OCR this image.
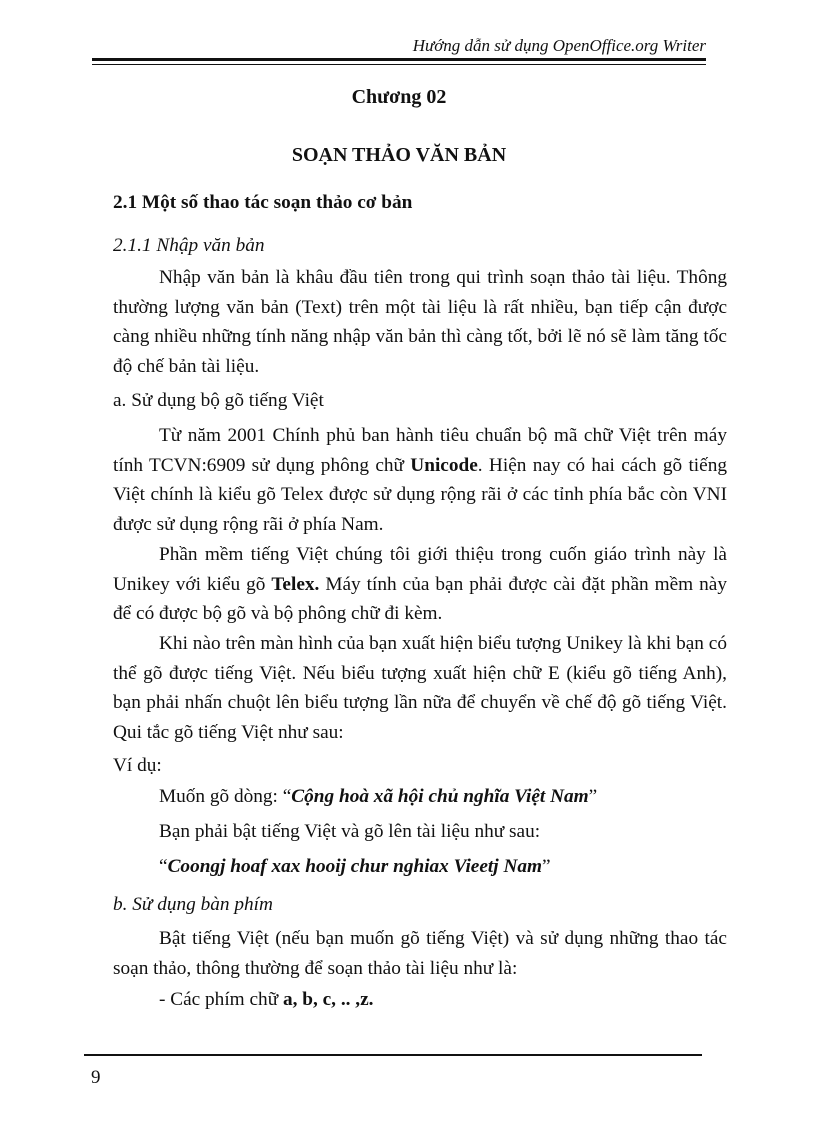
Hướng dẫn sử dụng OpenOffice.org Writer
Chương 02
SOẠN THẢO VĂN BẢN
2.1 Một số thao tác soạn thảo cơ bản
2.1.1 Nhập văn bản
Nhập văn bản là khâu đầu tiên trong qui trình soạn thảo tài liệu. Thông thường lượng văn bản (Text) trên một tài liệu là rất nhiều, bạn tiếp cận được càng nhiều những tính năng nhập văn bản thì càng tốt, bởi lẽ nó sẽ làm tăng tốc độ chế bản tài liệu.
a. Sử dụng bộ gõ tiếng Việt
Từ năm 2001 Chính phủ ban hành tiêu chuẩn bộ mã chữ Việt trên máy tính TCVN:6909 sử dụng phông chữ Unicode. Hiện nay có hai cách gõ tiếng Việt chính là kiểu gõ Telex được sử dụng rộng rãi ở các tỉnh phía bắc còn VNI được sử dụng rộng rãi ở phía Nam.
Phần mềm tiếng Việt chúng tôi giới thiệu trong cuốn giáo trình này là Unikey với kiểu gõ Telex. Máy tính của bạn phải được cài đặt phần mềm này để có được bộ gõ và bộ phông chữ đi kèm.
Khi nào trên màn hình của bạn xuất hiện biểu tượng Unikey là khi bạn có thể gõ được tiếng Việt. Nếu biểu tượng xuất hiện chữ E (kiểu gõ tiếng Anh), bạn phải nhấn chuột lên biểu tượng lần nữa để chuyển về chế độ gõ tiếng Việt. Qui tắc gõ tiếng Việt như sau:
Ví dụ:
Muốn gõ dòng: “Cộng hoà xã hội chủ nghĩa Việt Nam”
Bạn phải bật tiếng Việt và gõ lên tài liệu như sau:
“Coongj hoaf xax hooij chur nghiax Vieetj Nam”
b. Sử dụng bàn phím
Bật tiếng Việt (nếu bạn muốn gõ tiếng Việt) và sử dụng những thao tác soạn thảo, thông thường để soạn thảo tài liệu như là:
- Các phím chữ a, b, c, .. ,z.
9
